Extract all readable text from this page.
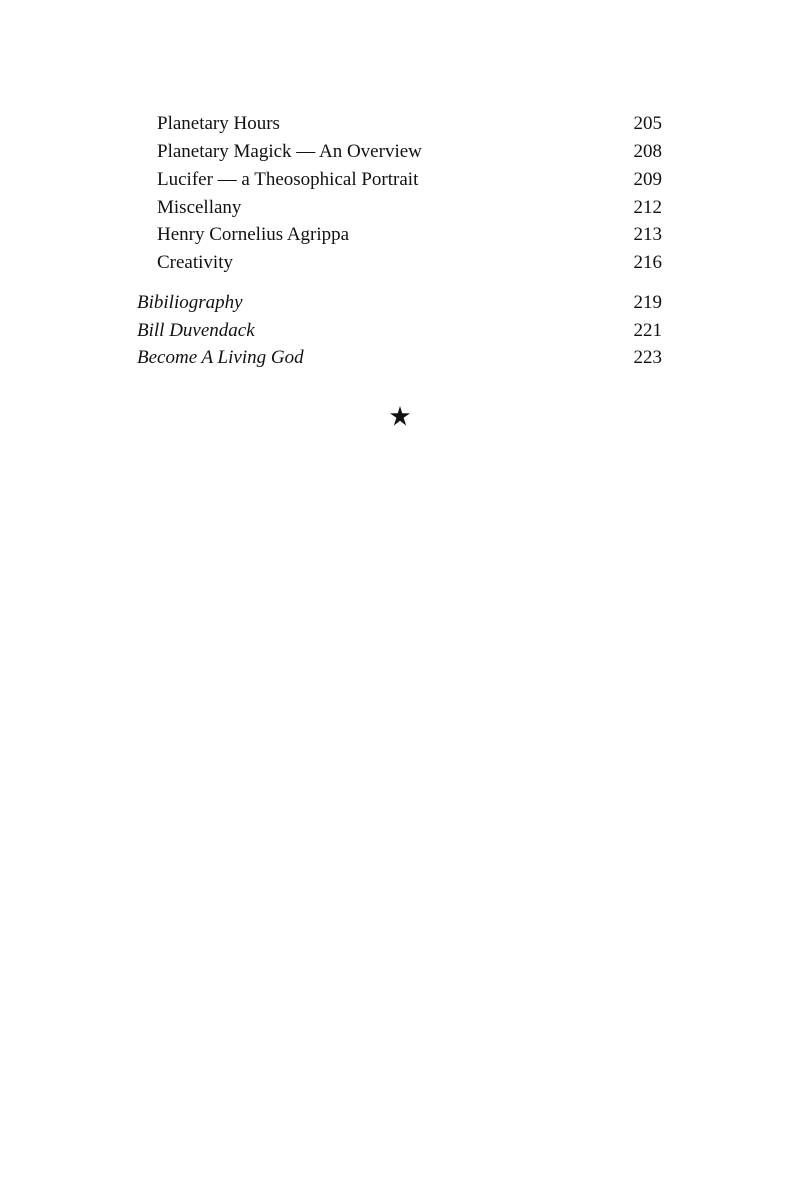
Planetary Hours	205
Planetary Magick — An Overview	208
Lucifer — a Theosophical Portrait	209
Miscellany	212
Henry Cornelius Agrippa	213
Creativity	216
Bibiliography	219
Bill Duvendack	221
Become A Living God	223
